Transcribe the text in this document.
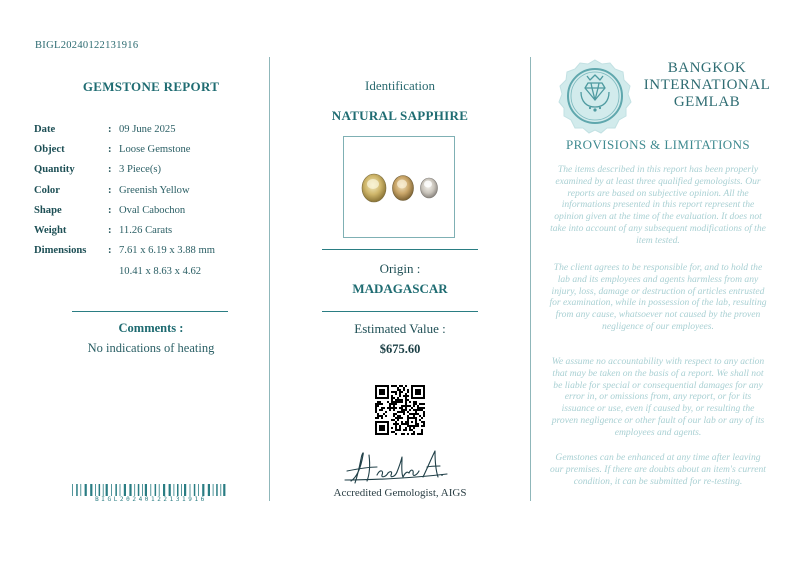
BIGL20240122131916
GEMSTONE REPORT
Date	:	09 June 2025
Object	:	Loose Gemstone
Quantity	:	3 Piece(s)
Color	:	Greenish Yellow
Shape	:	Oval Cabochon
Weight	:	11.26 Carats
Dimensions	:	7.61 x 6.19 x 3.88 mm
		10.41 x 8.63 x 4.62
Comments :
No indications of heating
BIGL20240122131916
Identification
NATURAL SAPPHIRE
Origin :
MADAGASCAR
Estimated Value :
$675.60
Accredited Gemologist, AIGS
BANGKOK
INTERNATIONAL
GEMLAB
PROVISIONS & LIMITATIONS
The items described in this report has been properly examined by at least three qualified gemologists. Our reports are based on subjective opinion. All the informations presented in this report represent the opinion given at the time of the evaluation. It does not take into account of any subsequent modifications of the item tested.
The client agrees to be responsible for, and to hold the lab and its employees and agents harmless from any injury, loss, damage or destruction of articles entrusted for examination, while in possession of the lab, resulting from any cause, whatsoever not caused by the proven negligence of our employees.
We assume no accountability with respect to any action that may be taken on the basis of a report. We shall not be liable for special or consequential damages for any error in, or omissions from, any report, or for its issuance or use, even if caused by, or resulting the proven negligence or other fault of our lab or any of its employees and agents.
Gemstones can be enhanced at any time after leaving our premises. If there are doubts about an item's current condition, it can be submitted for re-testing.
